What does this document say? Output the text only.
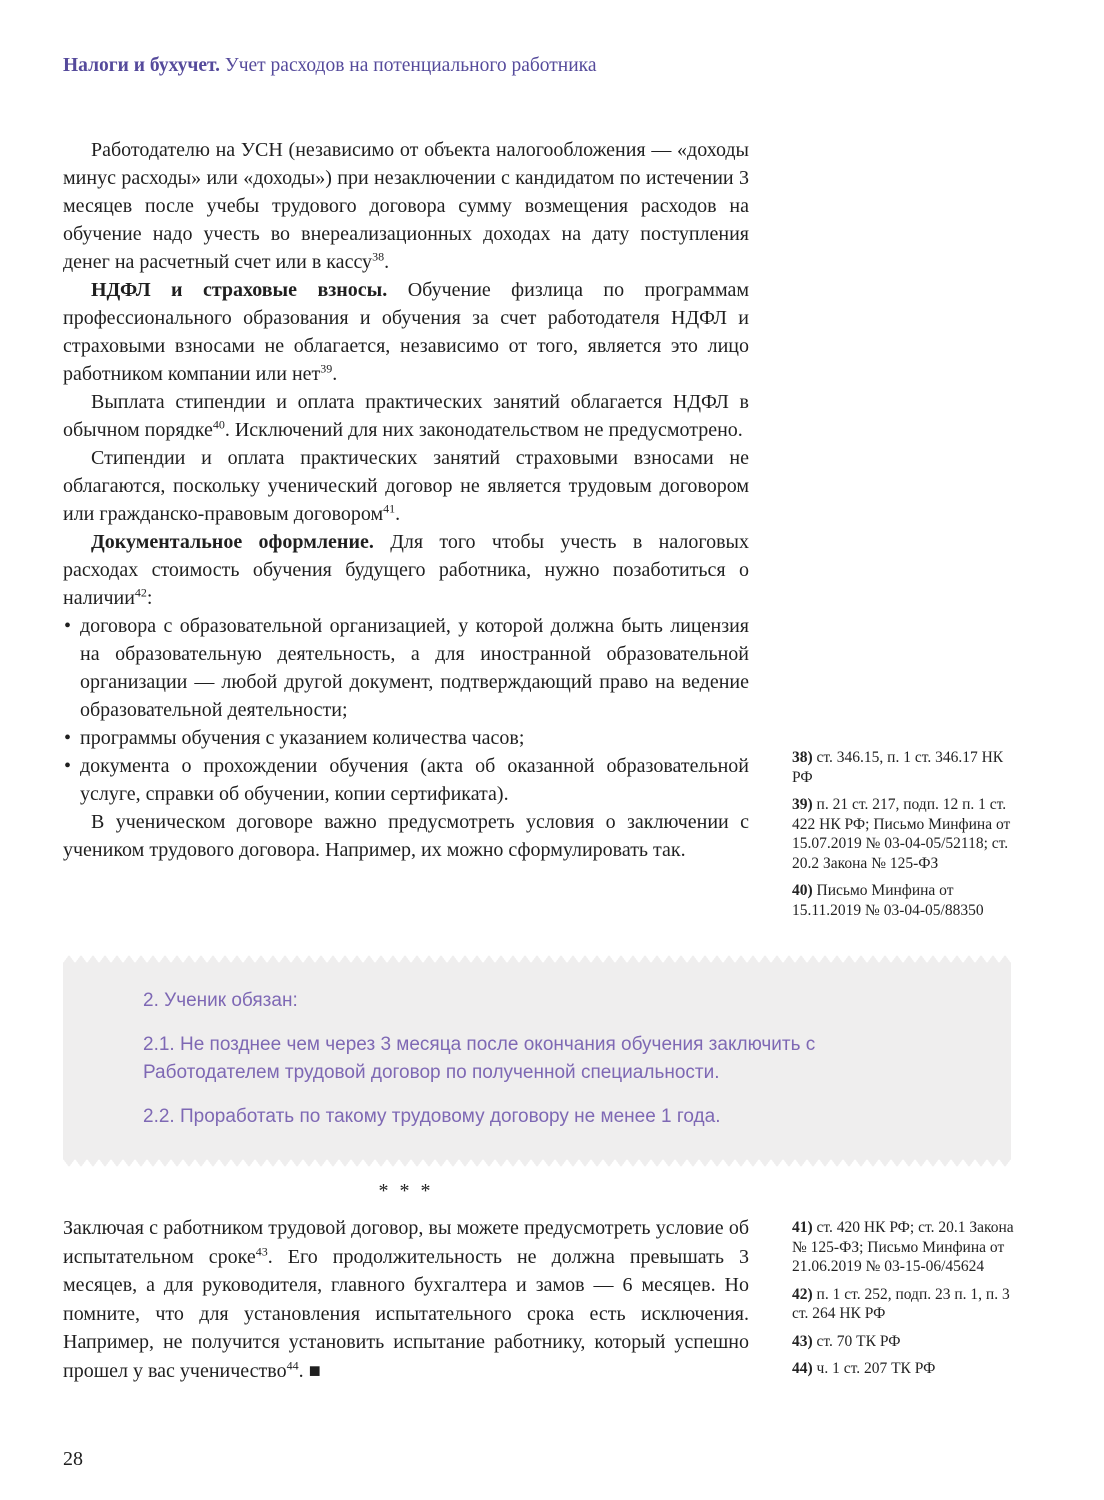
Налоги и бухучет. Учет расходов на потенциального работника

Работодателю на УСН (независимо от объекта налогообложения — «доходы минус расходы» или «доходы») при незаключении с кандидатом по истечении 3 месяцев после учебы трудового договора сумму возмещения расходов на обучение надо учесть во внереализационных доходах на дату поступления денег на расчетный счет или в кассу$^{38}$.

НДФЛ и страховые взносы. Обучение физлица по программам профессионального образования и обучения за счет работодателя НДФЛ и страховыми взносами не облагается, независимо от того, является это лицо работником компании или нет$^{39}$.

Выплата стипендии и оплата практических занятий облагается НДФЛ в обычном порядке$^{40}$. Исключений для них законодательством не предусмотрено.

Стипендии и оплата практических занятий страховыми взносами не облагаются, поскольку ученический договор не является трудовым договором или гражданско-правовым договором$^{41}$.

Документальное оформление. Для того чтобы учесть в налоговых расходах стоимость обучения будущего работника, нужно позаботиться о наличии$^{42}$:

• договора с образовательной организацией, у которой должна быть лицензия на образовательную деятельность, а для иностранной образовательной организации — любой другой документ, подтверждающий право на ведение образовательной деятельности;
• программы обучения с указанием количества часов;
• документа о прохождении обучения (акта об оказанной образовательной услуге, справки об обучении, копии сертификата).

В ученическом договоре важно предусмотреть условия о заключении с учеником трудового договора. Например, их можно сформулировать так.

38) ст. 346.15, п. 1 ст. 346.17 НК РФ
39) п. 21 ст. 217, подп. 12 п. 1 ст. 422 НК РФ; Письмо Минфина от 15.07.2019 № 03-04-05/52118; ст. 20.2 Закона № 125-ФЗ
40) Письмо Минфина от 15.11.2019 № 03-04-05/88350

2. Ученик обязан:

2.1. Не позднее чем через 3 месяца после окончания обучения заключить с Работодателем трудовой договор по полученной специальности.

2.2. Проработать по такому трудовому договору не менее 1 года.

* * *

Заключая с работником трудовой договор, вы можете предусмотреть условие об испытательном сроке$^{43}$. Его продолжительность не должна превышать 3 месяцев, а для руководителя, главного бухгалтера и замов — 6 месяцев. Но помните, что для установления испытательного срока есть исключения. Например, не получится установить испытание работнику, который успешно прошел у вас ученичество$^{44}$. ■

41) ст. 420 НК РФ; ст. 20.1 Закона № 125-ФЗ; Письмо Минфина от 21.06.2019 № 03-15-06/45624
42) п. 1 ст. 252, подп. 23 п. 1, п. 3 ст. 264 НК РФ
43) ст. 70 ТК РФ
44) ч. 1 ст. 207 ТК РФ
28
